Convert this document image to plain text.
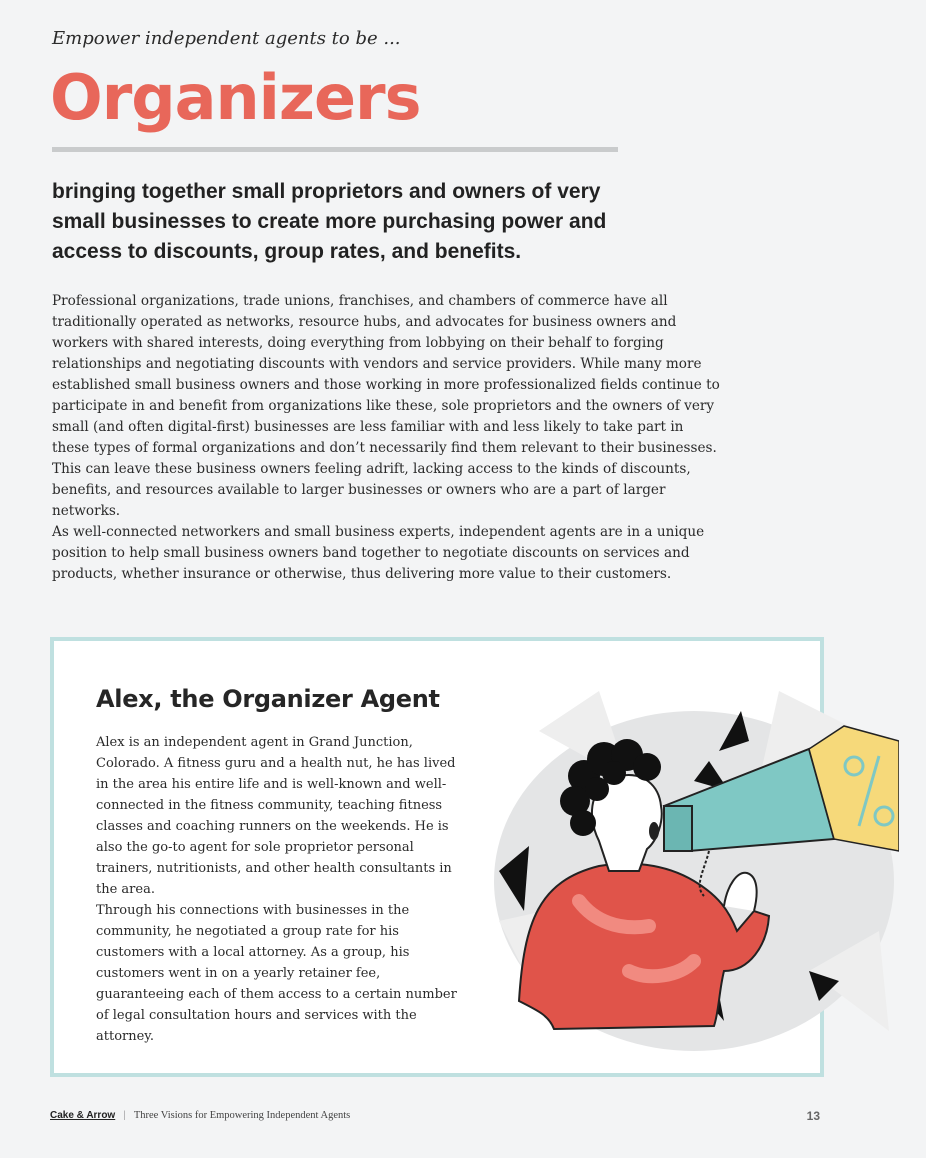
Empower independent agents to be ...
Organizers

bringing together small proprietors and owners of very small businesses to create more purchasing power and access to discounts, group rates, and benefits.

Professional organizations, trade unions, franchises, and chambers of commerce have all traditionally operated as networks, resource hubs, and advocates for business owners and workers with shared interests, doing everything from lobbying on their behalf to forging relationships and negotiating discounts with vendors and service providers. While many more established small business owners and those working in more professionalized fields continue to participate in and benefit from organizations like these, sole proprietors and the owners of very small (and often digital-first) businesses are less familiar with and less likely to take part in these types of formal organizations and don’t necessarily find them relevant to their businesses. This can leave these business owners feeling adrift, lacking access to the kinds of discounts, benefits, and resources available to larger businesses or owners who are a part of larger networks.

As well-connected networkers and small business experts, independent agents are in a unique position to help small business owners band together to negotiate discounts on services and products, whether insurance or otherwise, thus delivering more value to their customers.

Alex, the Organizer Agent

Alex is an independent agent in Grand Junction, Colorado. A fitness guru and a health nut, he has lived in the area his entire life and is well-known and well-connected in the fitness community, teaching fitness classes and coaching runners on the weekends. He is also the go-to agent for sole proprietor personal trainers, nutritionists, and other health consultants in the area.

Through his connections with businesses in the community, he negotiated a group rate for his customers with a local attorney. As a group, his customers went in on a yearly retainer fee, guaranteeing each of them access to a certain number of legal consultation hours and services with the attorney.

Cake & Arrow | Three Visions for Empowering Independent Agents	13
